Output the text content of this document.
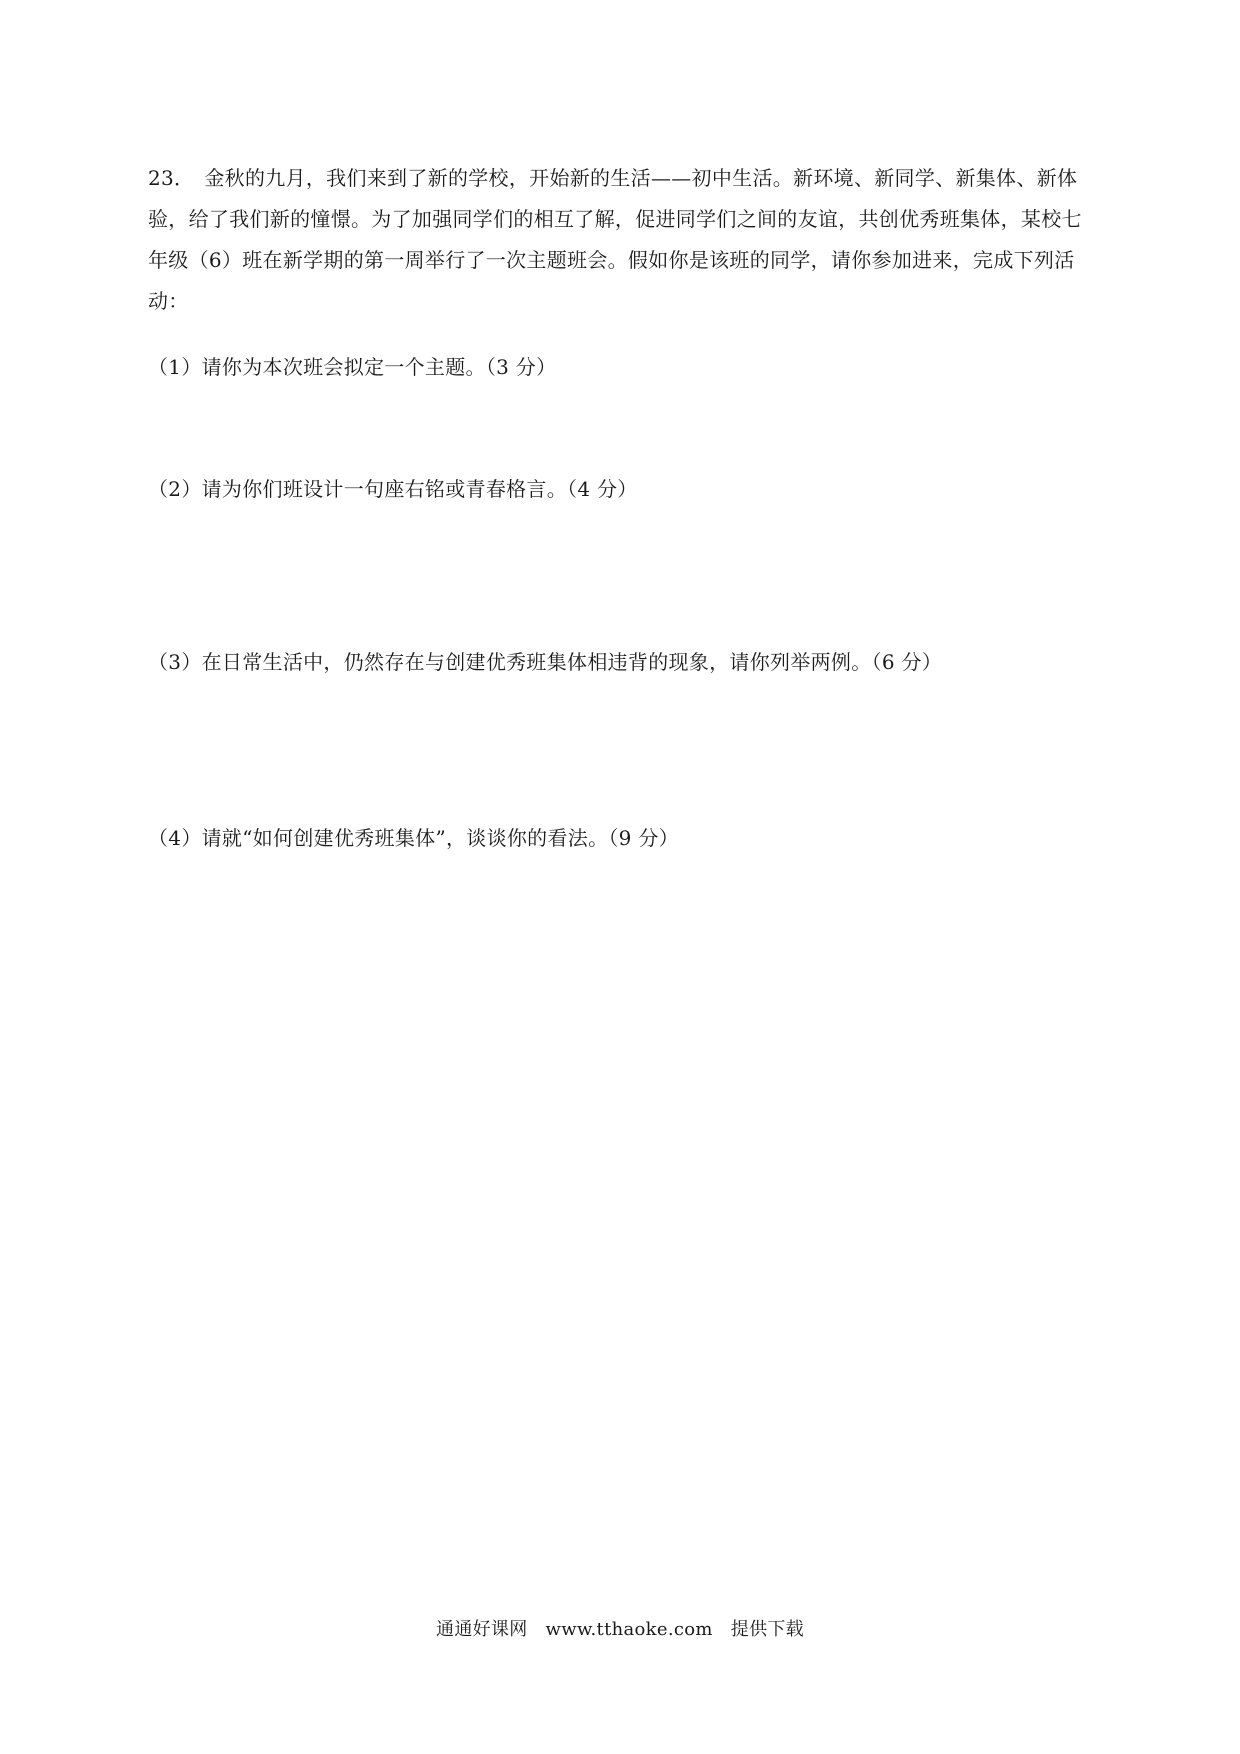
23． 金秋的九月，我们来到了新的学校，开始新的生活——初中生活。新环境、新同学、新集体、新体验，给了我们新的憧憬。为了加强同学们的相互了解，促进同学们之间的友谊，共创优秀班集体，某校七年级（6）班在新学期的第一周举行了一次主题班会。假如你是该班的同学，请你参加进来，完成下列活动：

（1）请你为本次班会拟定一个主题。（3 分）

（2）请为你们班设计一句座右铭或青春格言。（4 分）

（3）在日常生活中，仍然存在与创建优秀班集体相违背的现象，请你列举两例。（6 分）

（4）请就“如何创建优秀班集体”，谈谈你的看法。（9 分）

通通好课网 www.tthaoke.com 提供下载
